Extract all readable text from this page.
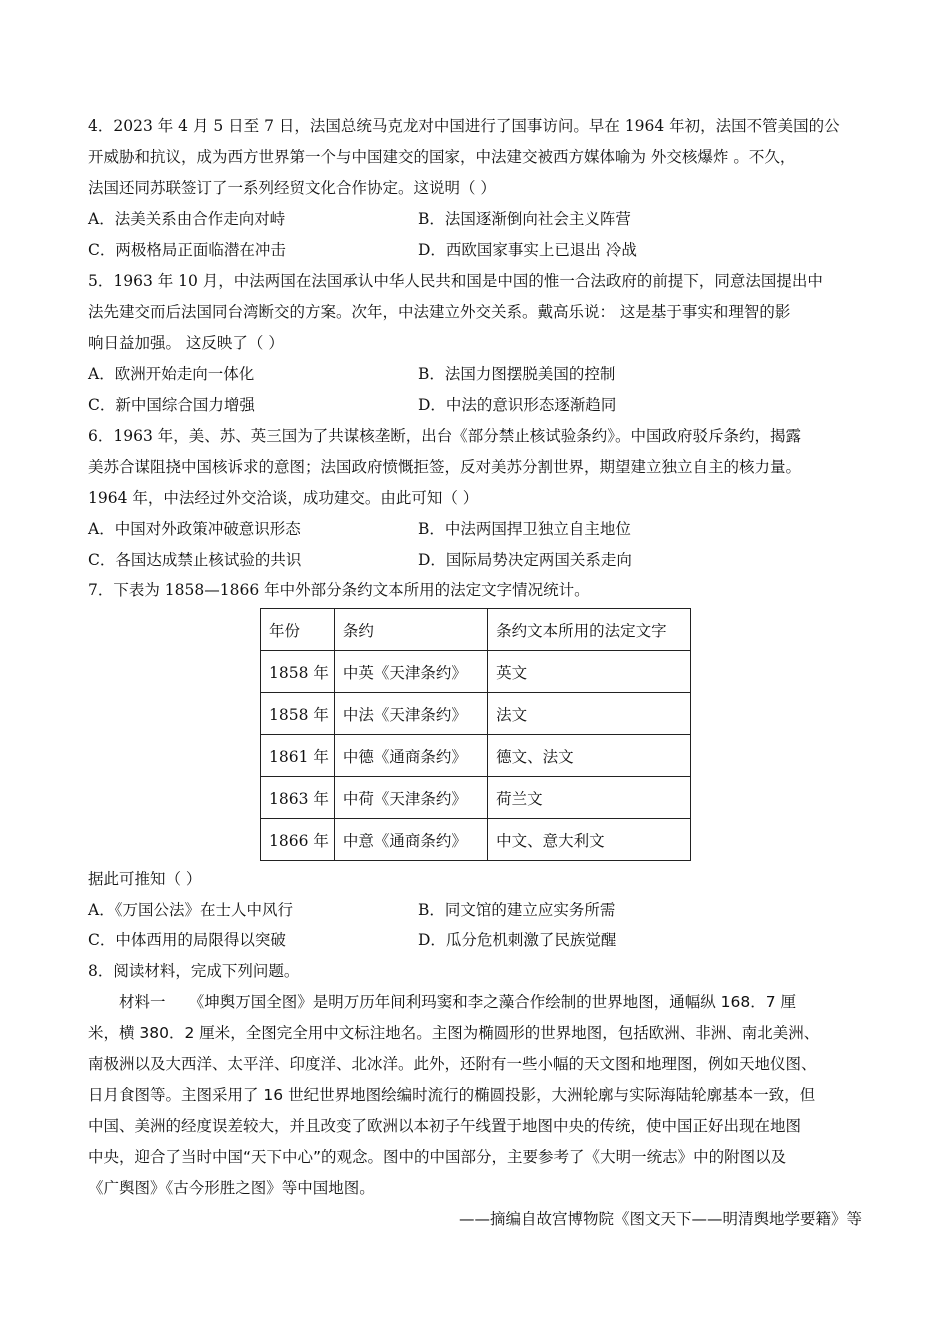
4．2023 年 4 月 5 日至 7 日，法国总统马克龙对中国进行了国事访问。早在 1964 年初，法国不管美国的公
开威胁和抗议，成为西方世界第一个与中国建交的国家，中法建交被西方媒体喻为 外交核爆炸 。不久，
法国还同苏联签订了一系列经贸文化合作协定。这说明（ ）
A．法美关系由合作走向对峙	B．法国逐渐倒向社会主义阵营
C．两极格局正面临潜在冲击	D．西欧国家事实上已退出 冷战
5．1963 年 10 月，中法两国在法国承认中华人民共和国是中国的惟一合法政府的前提下，同意法国提出中
法先建交而后法国同台湾断交的方案。次年，中法建立外交关系。戴高乐说： 这是基于事实和理智的影
响日益加强。 这反映了（ ）
A．欧洲开始走向一体化	B．法国力图摆脱美国的控制
C．新中国综合国力增强	D．中法的意识形态逐渐趋同
6．1963 年，美、苏、英三国为了共谋核垄断，出台《部分禁止核试验条约》。中国政府驳斥条约，揭露
美苏合谋阻挠中国核诉求的意图；法国政府愤慨拒签，反对美苏分割世界，期望建立独立自主的核力量。
1964 年，中法经过外交洽谈，成功建交。由此可知（ ）
A．中国对外政策冲破意识形态	B．中法两国捍卫独立自主地位
C．各国达成禁止核试验的共识	D．国际局势决定两国关系走向
7．下表为 1858—1866 年中外部分条约文本所用的法定文字情况统计。
年份	条约	条约文本所用的法定文字
1858 年	中英《天津条约》	英文
1858 年	中法《天津条约》	法文
1861 年	中德《通商条约》	德文、法文
1863 年	中荷《天津条约》	荷兰文
1866 年	中意《通商条约》	中文、意大利文
据此可推知（ ）
A．《万国公法》在士人中风行	B．同文馆的建立应实务所需
C．中体西用的局限得以突破	D．瓜分危机刺激了民族觉醒
8．阅读材料，完成下列问题。
　　材料一　　《坤舆万国全图》是明万历年间利玛窦和李之藻合作绘制的世界地图，通幅纵 168．7 厘
米，横 380．2 厘米，全图完全用中文标注地名。主图为椭圆形的世界地图，包括欧洲、非洲、南北美洲、
南极洲以及大西洋、太平洋、印度洋、北冰洋。此外，还附有一些小幅的天文图和地理图，例如天地仪图、
日月食图等。主图采用了 16 世纪世界地图绘编时流行的椭圆投影，大洲轮廓与实际海陆轮廓基本一致，但
中国、美洲的经度误差较大，并且改变了欧洲以本初子午线置于地图中央的传统，使中国正好出现在地图
中央，迎合了当时中国“天下中心”的观念。图中的中国部分，主要参考了《大明一统志》中的附图以及
《广舆图》《古今形胜之图》等中国地图。
——摘编自故宫博物院《图文天下——明清舆地学要籍》等
